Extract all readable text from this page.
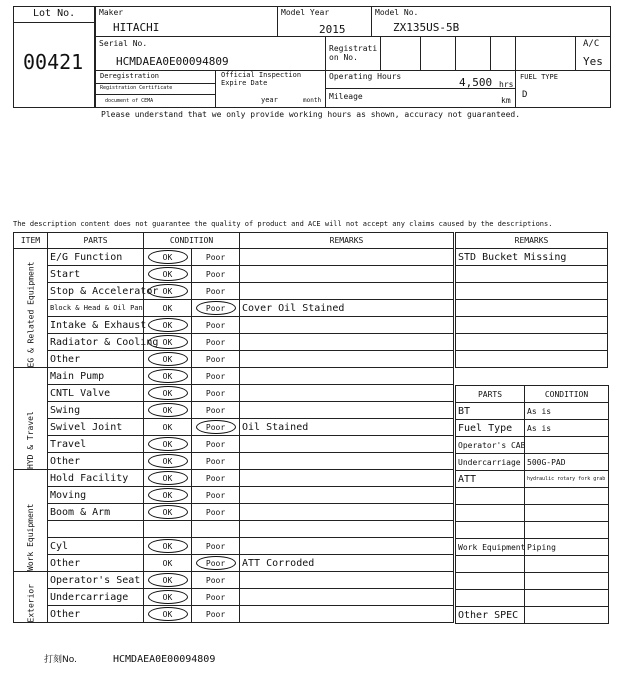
Lot No.
00421
Maker
HITACHI
Model Year
2015
Model No.
ZX135US-5B
Serial No.
HCMDAEA0E00094809
Registrati
on No.
A/C
Yes
Deregistration
Registration Certificate
document of CEMA
Official Inspection
Expire Date
year	month
Operating Hours	4,500 hrs
Mileage	km
FUEL TYPE
D
Please understand that we only provide working hours as shown, accuracy not guaranteed.
The description content does not guarantee the quality of product and ACE will not accept any claims caused by the descriptions.
ITEM	PARTS	CONDITION		REMARKS

EG & Related Equipment	E/G Function	OK	Poor	
	Start	OK	Poor	
	Stop & Accelerator	OK	Poor	
	Block & Head & Oil Pan	OK	Poor	Cover Oil Stained
	Intake & Exhaust	OK	Poor	
	Radiator & Cooling	OK	Poor	
	Other	OK	Poor	

HYD & Travel	Main Pump	OK	Poor	
	CNTL Valve	OK	Poor	
	Swing	OK	Poor	
	Swivel Joint	OK	Poor	Oil Stained
	Travel	OK	Poor	
	Other	OK	Poor	

Work Equipment	Hold Facility	OK	Poor	
	Moving	OK	Poor	
	Boom & Arm	OK	Poor	

	Cyl	OK	Poor	
	Other	OK	Poor	ATT Corroded

Exterior	Operator's Seat	OK	Poor	
	Undercarriage	OK	Poor	
	Other	OK	Poor	
REMARKS
STD Bucket Missing

PARTS	CONDITION
BT	As is
Fuel Type	As is
Operator's CAB	
Undercarriage	500G-PAD
ATT	hydraulic rotary fork grab

Work Equipment	Piping

Other SPEC	
打刻No.	HCMDAEA0E00094809
